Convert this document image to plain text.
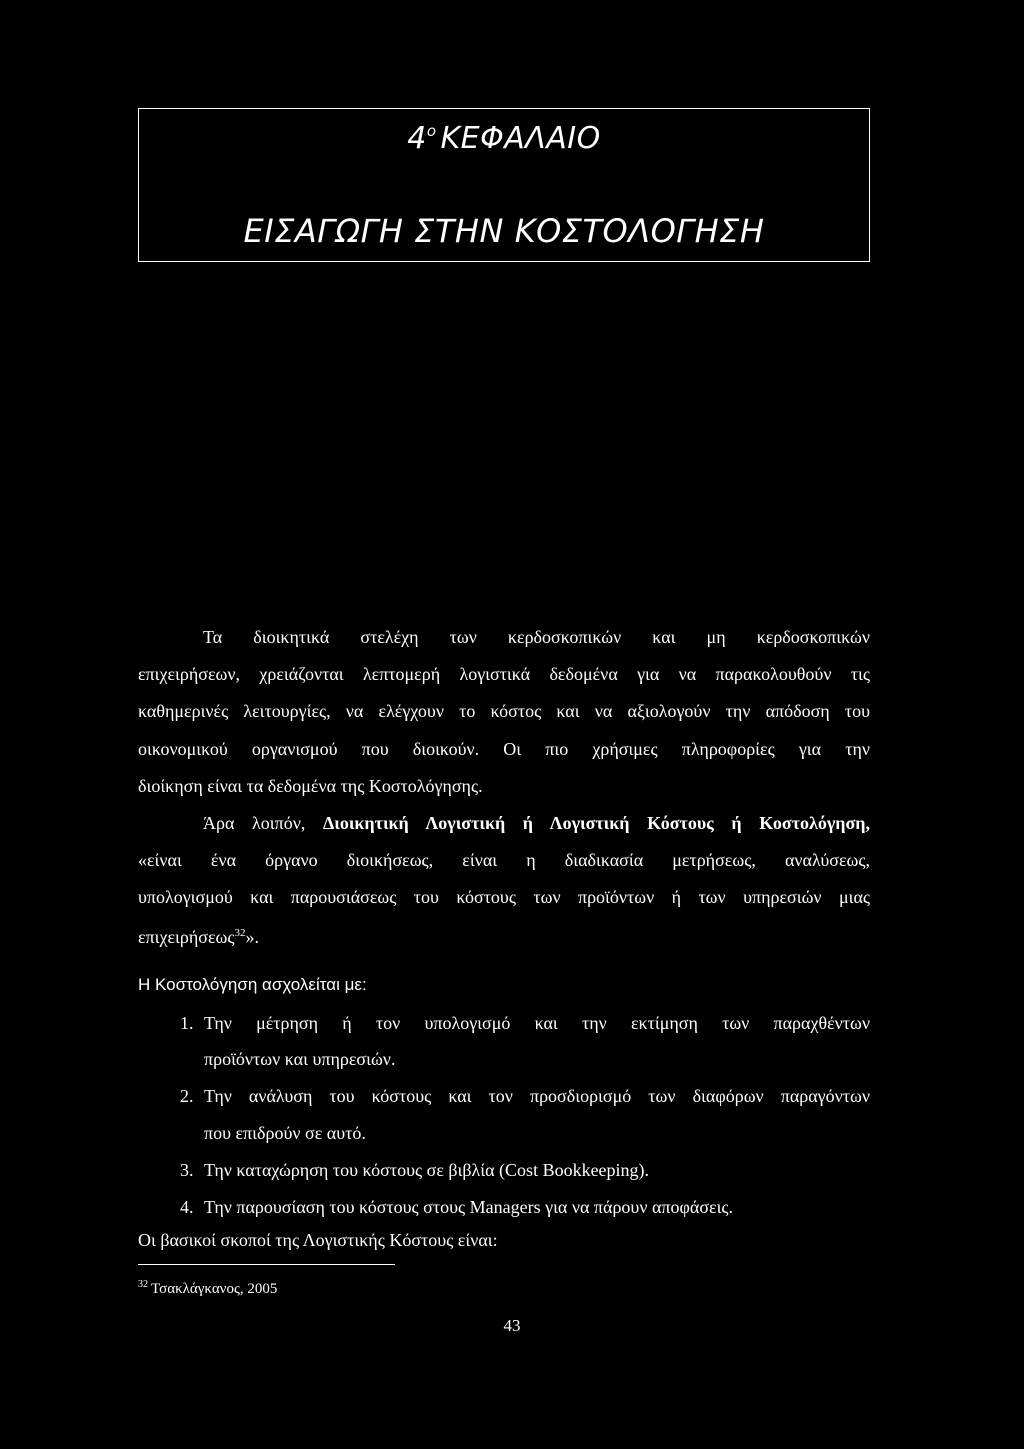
$4^o$ ΚΕΦΑΛΑΙΟ
ΕΙΣΑΓΩΓΗ ΣΤΗΝ ΚΟΣΤΟΛΟΓΗΣΗ
Τα διοικητικά στελέχη των κερδοσκοπικών και μη κερδοσκοπικών
επιχειρήσεων, χρειάζονται λεπτομερή λογιστικά δεδομένα για να παρακολουθούν τις
καθημερινές λειτουργίες, να ελέγχουν το κόστος και να αξιολογούν την απόδοση του
οικονομικού οργανισμού που διοικούν. Οι πιο χρήσιμες πληροφορίες για την
διοίκηση είναι τα δεδομένα της Κοστολόγησης.
Άρα λοιπόν, Διοικητική Λογιστική ή Λογιστική Κόστους ή Κοστολόγηση,
«είναι ένα όργανο διοικήσεως, είναι η διαδικασία μετρήσεως, αναλύσεως,
υπολογισμού και παρουσιάσεως του κόστους των προϊόντων ή των υπηρεσιών μιας
επιχειρήσεως$^{32}$».
Η Κοστολόγηση ασχολείται με:
1. Την μέτρηση ή τον υπολογισμό και την εκτίμηση των παραχθέντων
προϊόντων και υπηρεσιών.
2. Την ανάλυση του κόστους και τον προσδιορισμό των διαφόρων παραγόντων
που επιδρούν σε αυτό.
3. Την καταχώρηση του κόστους σε βιβλία (Cost Bookkeeping).
4. Την παρουσίαση του κόστους στους Managers για να πάρουν αποφάσεις.
Οι βασικοί σκοποί της Λογιστικής Κόστους είναι:
$^{32}$ Τσακλάγκανος, 2005
43
